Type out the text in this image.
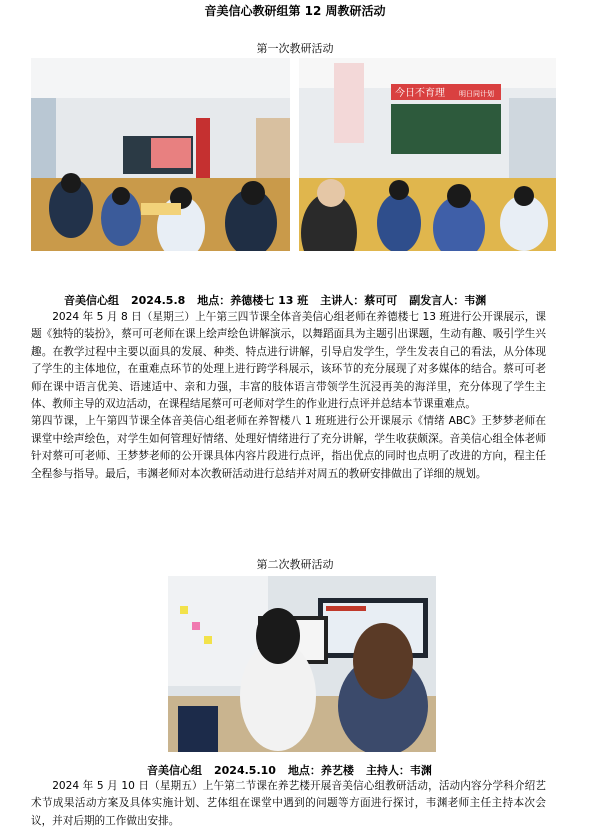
音美信心教研组第 12 周教研活动
第一次教研活动
今日不育理 明日同计划
音美信心组 2024.5.8 地点：养德楼七 13 班 主讲人：蔡可可 副发言人：韦渊

2024 年 5 月 8 日（星期三）上午第三四节课全体音美信心组老师在养德楼七 13 班进行公开课展示，课题《独特的装扮》，蔡可可老师在课上绘声绘色讲解演示，以舞蹈面具为主题引出课题，生动有趣、吸引学生兴趣。在教学过程中主要以面具的发展、种类、特点进行讲解，引导启发学生，学生发表自己的看法，从分体现了学生的主体地位，在重难点环节的处理上进行跨学科展示，该环节的充分展现了对多媒体的结合。蔡可可老师在课中语言优美、语速适中、亲和力强，丰富的肢体语言带领学生沉浸再美的海洋里，充分体现了学生主体、教师主导的双边活动，在课程结尾蔡可可老师对学生的作业进行点评并总结本节课重难点。

第四节课，上午第四节课全体音美信心组老师在养智楼八 1 班班进行公开课展示《情绪 ABC》王梦梦老师在课堂中绘声绘色，对学生如何管理好情绪、处理好情绪进行了充分讲解，学生收获颇深。音美信心组全体老师针对蔡可可老师、王梦梦老师的公开课具体内容片段进行点评，指出优点的同时也点明了改进的方向，程主任全程参与指导。最后，韦渊老师对本次教研活动进行总结并对周五的教研安排做出了详细的规划。

第二次教研活动
音美信心组 2024.5.10 地点：养艺楼 主持人：韦渊

2024 年 5 月 10 日（星期五）上午第二节课在养艺楼开展音美信心组教研活动，活动内容分学科介绍艺术节成果活动方案及具体实施计划、艺体组在课堂中遇到的问题等方面进行探讨，韦渊老师主任主持本次会议，并对后期的工作做出安排。
